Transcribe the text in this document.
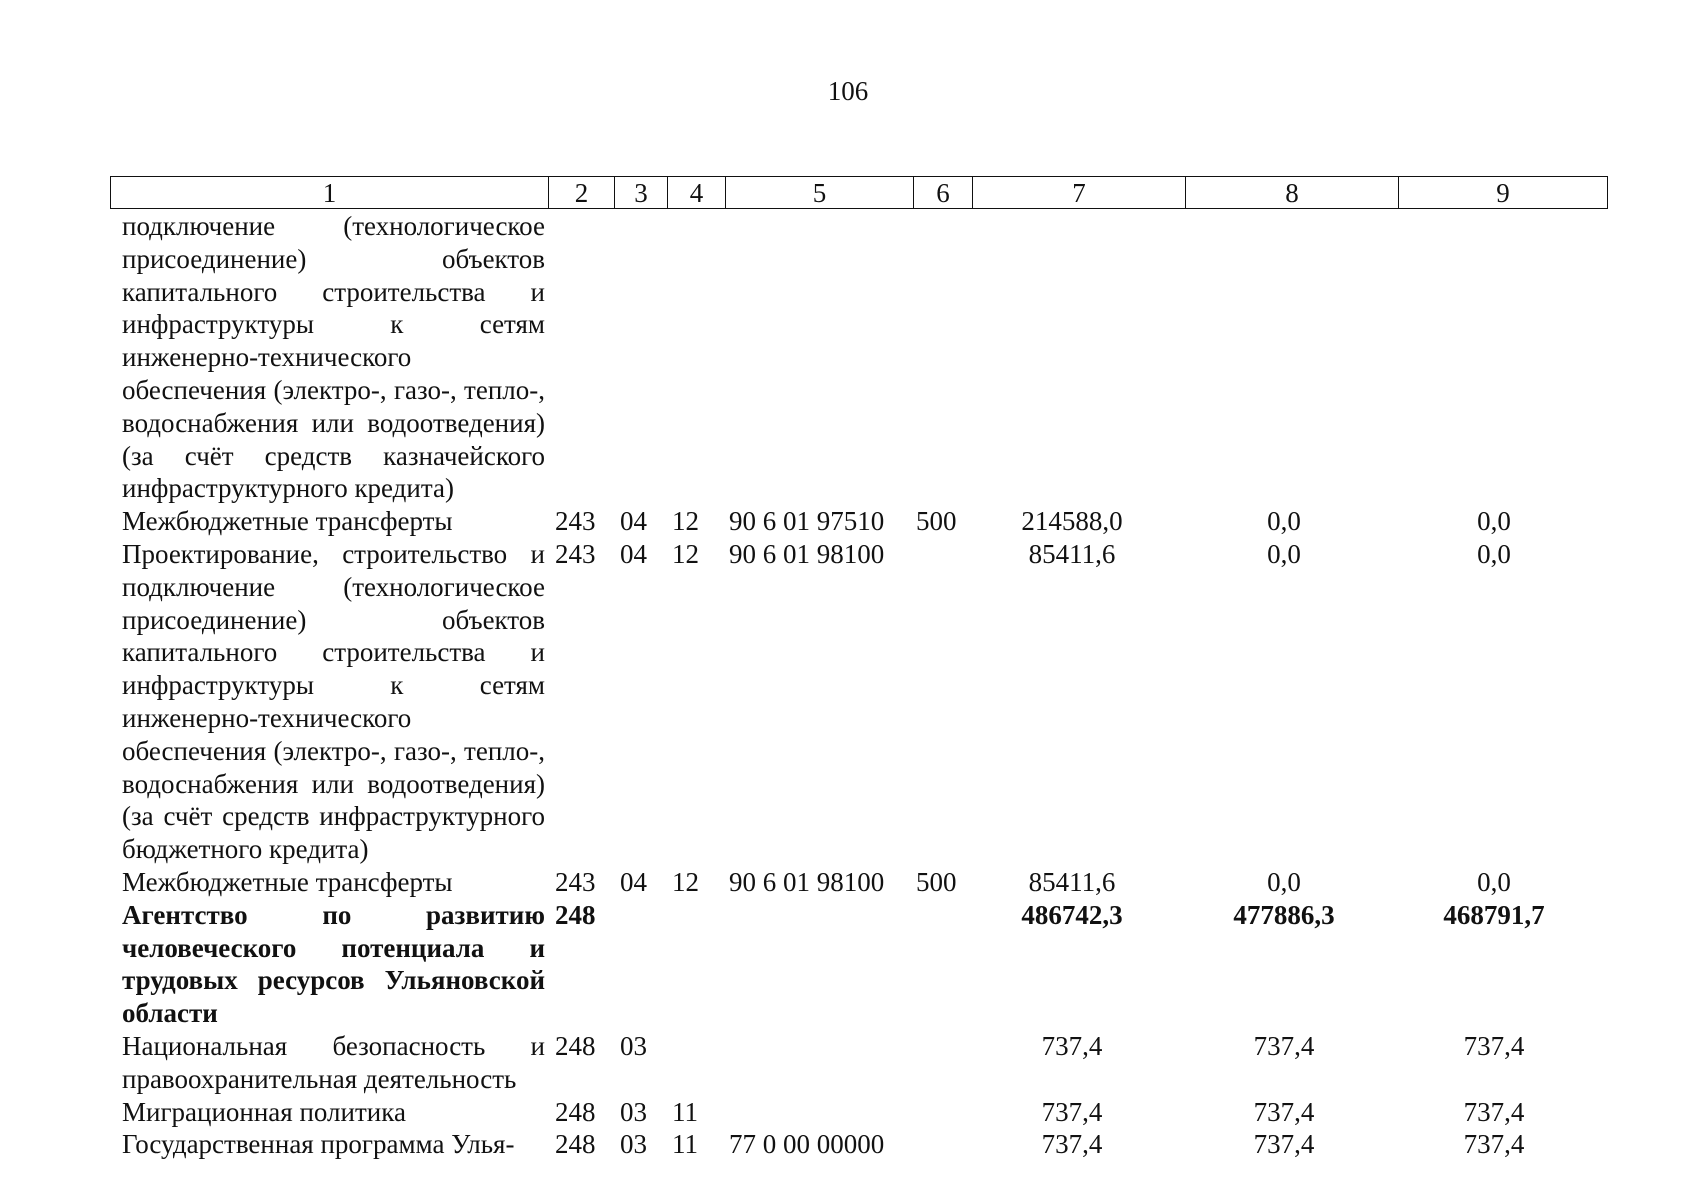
106
1	2	3	4	5	6	7	8	9
подключение (технологическое присоединение) объектов капитального строительства и инфраструктуры к сетям инженерно-технического обеспечения (электро-, газо-, тепло-, водоснабжения или водоотведения) (за счёт средств казначейского инфраструктурного кредита)								
Межбюджетные трансферты	243	04	12	90 6 01 97510	500	214588,0	0,0	0,0
Проектирование, строительство и подключение (технологическое присоединение) объектов капитального строительства и инфраструктуры к сетям инженерно-технического обеспечения (электро-, газо-, тепло-, водоснабжения или водоотведения) (за счёт средств инфраструктурного бюджетного кредита)	243	04	12	90 6 01 98100		85411,6	0,0	0,0
Межбюджетные трансферты	243	04	12	90 6 01 98100	500	85411,6	0,0	0,0
Агентство по развитию человеческого потенциала и трудовых ресурсов Ульяновской области	248					486742,3	477886,3	468791,7
Национальная безопасность и правоохранительная деятельность	248	03				737,4	737,4	737,4
Миграционная политика	248	03	11			737,4	737,4	737,4
Государственная программа Улья-	248	03	11	77 0 00 00000		737,4	737,4	737,4
